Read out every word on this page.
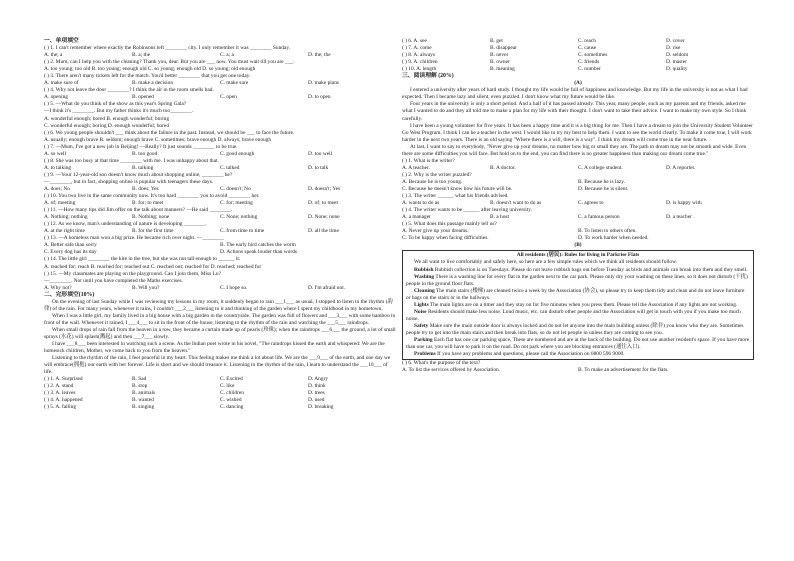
一、单项填空
( ) 1. I can't remember where exactly the Robinsons left ________ city. I only remember it was ________ Sunday.
A. the; a	B. a; the	C. a; a	D. the; the
( ) 2. Mum, can I help you with the cleaning? Thank you, dear. But you are ___ now. You must wait till you are ___.
A. too young; too old B. too young; enough old C. so young; enough old D. so young; old enough
( ) 3. There aren't many tickets left for the match. You'd better ________ that you get one today.
A. make sure of	B. make a decision	C. make sure	D. make plans
( ) 4. Why not leave the door ________? I think the air in the room smells bad.
A. opening	B. opened	C. open	D. to open
( ) 5. —What do you think of the show as this year's Spring Gala?
—I think it's ________. But my father thinks it's much too________.
A. wonderful enough; bored B. enough wonderful; boring
C. wonderful enough; boring D. enough wonderful; bored
( ) 6. We young people shouldn't ___ think about the failure in the past. Instead, we should be ___ to face the future.
A. usually; enough brave B. seldom; enough brave C. sometimes; brave enough D. always; brave enough
( ) 7. —Mum, I've got a new job in Beijing! —Really? It just sounds ________ to be true.
A. so well	B. too good	C. good enough	D. too well
( ) 8. She was too busy at that time ________ with me. I was unhappy about that.
A. to talking	B. talking	C. talked	D. to talk
( ) 9. —Your 12-year-old son doesn't know much about shopping online, ________ he?
—________, but in fact, shopping online is popular with teenagers these days.
A. does; No	B. does; Yes	C. doesn't; No	D. doesn't; Yes
( ) 10. You two live in the same community now. It's too hard ________ you to avoid ________ her.
A. of; meeting	B. for; to meet	C. for; meeting	D. of; to meet
( ) 11. —How many tips did Jim offer on the talk about manners? —He said ________.
A. Nothing; nothing	B. Nothing; none	C. None; nothing	D. None; none
( ) 12. As we know, man's understanding of nature is developing ________.
A. at the right time	B. for the first time	C. from time to time	D. all the time
( ) 13. —A homeless man won a big prize. He became rich over night. —________
A. Better safe than sorry	B. The early bird catches the worm
C. Every dog has its day	D. Actions speak louder than words
( ) 14. The little girl ________ the kite in the tree, but she was not tall enough to ______ it.
A. reached for; reach B. reached for; reached out C. reached out; reached for D. reached; reached for
( ) 15. —My classmates are playing on the playground. Can I join them, Miss Lu?
—________. Not until you have completed the Maths exercises.
A. Why not?	B. Will you?	C. I hope so.	D. I'm afraid not.
二、完形填空(10%)
On the evening of last Sunday while I was reviewing my lessons in my room, it suddenly began to rain ___1___ as usual, I stopped to listen to the rhythm (韵律) of the rain. For many years, whenever it rains, I couldn't ___2___ listening to it and thinking of the garden where I spent my childhood in my hometown.
When I was a little girl, my family lived in a big house with a big garden in the countryside. The garden was full of flowers and ___3___ with some bamboo in front of the wall. Whenever it rained, I ___4___ to sit in the front of the house, listening to the rhythm of the rain and watching the ___5___ raindrops.
When small drops of rain fall from the heaven in a row, they became a curtain made up of pearls (珍珠); when the raindrops ___6___ the ground, a lot of small sprays (水花) will splash(溅起) and then ___7___ slowly.
I have ___8___ been interested in watching such a scene. As the Indian poet wrote in his novel, "The raindrops kissed the earth and whispered: We are the homesick children, Mother, we come back to you from the heaven."
Listening to the rhythm of the rain, I feel peaceful in my heart. This feeling makes me think a lot about life. We are the ___9___ of the earth, and one day we will embrace(拥抱) our earth with her forever. Life is short and we should treasure it. Listening to the rhythm of the rain, I learn to understand the ___10___ of life.
( ) 1. A. Surprised	B. Sad	C. Excited	D. Angry
( ) 2. A. stand	B. stop	C. like	D. think
( ) 3. A. leaves	B. animals	C. children	D. trees
( ) 4. A. happened	B. wanted	C. wished	D. used
( ) 5. A. falling	B. singing	C. dancing	D. breaking
( ) 6. A. see	B. get	C. reach	D. cover
( ) 7. A. come	B. disappear	C. cause	D. rise
( ) 8. A. always	B. never	C. sometimes	D. seldom
( ) 9. A. children	B. owner	C. friends	D. master
( ) 10. A. length	B. meaning	C. number	D. quality
三、阅读理解 (20%)
(A)
I entered a university after years of hard study. I thought my life would be full of happiness and knowledge. But my life in the university is not as what I had expected. Then I became lazy and silent, even puzzled. I don't know what my future would be like.
Four years in the university is only a short period. And a half of it has passed already. This year, many people, such as my parents and my friends, asked me what I wanted to do and they all told me to make a plan for my life with their thought. I don't want to take their advice. I want to make my own style. So I think carefully.
I have been a young volunteer for five years. It has been a happy time and it is a big thing for me. Then I have a dream to join the University Student Volunteer Go West Program. I think I can be a teacher in the west. I would like to try my best to help them. I want to see the world clearly. To make it come true, I will work harder in the next two years. There is an old saying "Where there is a will, there is a way". I think my dream will come true in the near future.
At last, I want to say to everybody, "Never give up your dreams, no matter how big or small they are. The path to dream may not be smooth and wide. Even there are some difficulties you will face. But hold on to the end, you can find there is no greater happiness than making our dream come true."
( ) 1. What is the writer?
A. A teacher.	B. A doctor.	C. A college student.	D. A reporter.
( ) 2. Why is the writer puzzled?
A. Because he is too young.	B. Because he is lazy.
C. Because he doesn't know how his future will be.	D. Because he is silent.
( ) 3. The writer ______ what his friends advised.
A. wants to do as	B. doesn't want to do as	C. agrees to	D. is happy with
( ) 4. The writer wants to be ______ after leaving university.
A. a manager	B. a host	C. a famous person	D. a teacher
( ) 5. What does this passage mainly tell us?
A. Never give up your dreams.	B. To listen to others often.
C. To be happy when facing difficulties.	D. To work harder when needed.
(B)
All residents (居民): Rules for living in Parkrise Flats
We all want to live comfortably and safely here, so here are a few simple rules which we think all residents should follow.
Rubbish Rubbish collection is on Tuesdays. Please do not leave rubbish bags out before Tuesday as birds and animals can break into them and they smell.
Washing There is a washing line for every flat in the garden next to the car park. Please only dry your washing on these lines, so it does not disturb (干扰) people in the ground floor flats.
Cleaning The main stairs (楼梯) are cleaned twice a week by the Association (协会), so please try to keep them tidy and clean and do not leave furniture or bags on the stairs or in the hallways.
Lights The main lights are on a timer and they stay on for five minutes when you press them. Please tell the Association if any lights are not working.
Noise Residents should make less noise. Loud music, etc. can disturb other people and the Association will get in touch with you if you make too much noise.
Safety Make sure the main outside door is always locked and do not let anyone into the main building unless (除非) you know who they are. Sometimes people try to get into the main stairs and then break into flats, so do not let people in unless they are coming to see you.
Parking Each flat has one car parking space. These are numbered and are at the back of the building. Do not use another resident's space. If you have more than one car, you will have to park it on the road. Do not park where you are blocking entrances (通往入口).
Problems If you have any problems and questions, please call the Association on 0800 596 9000.
( ) 6. What's the purpose of the text?
A. To list the services offered by Association.	B. To make an advertisement for the flats.
